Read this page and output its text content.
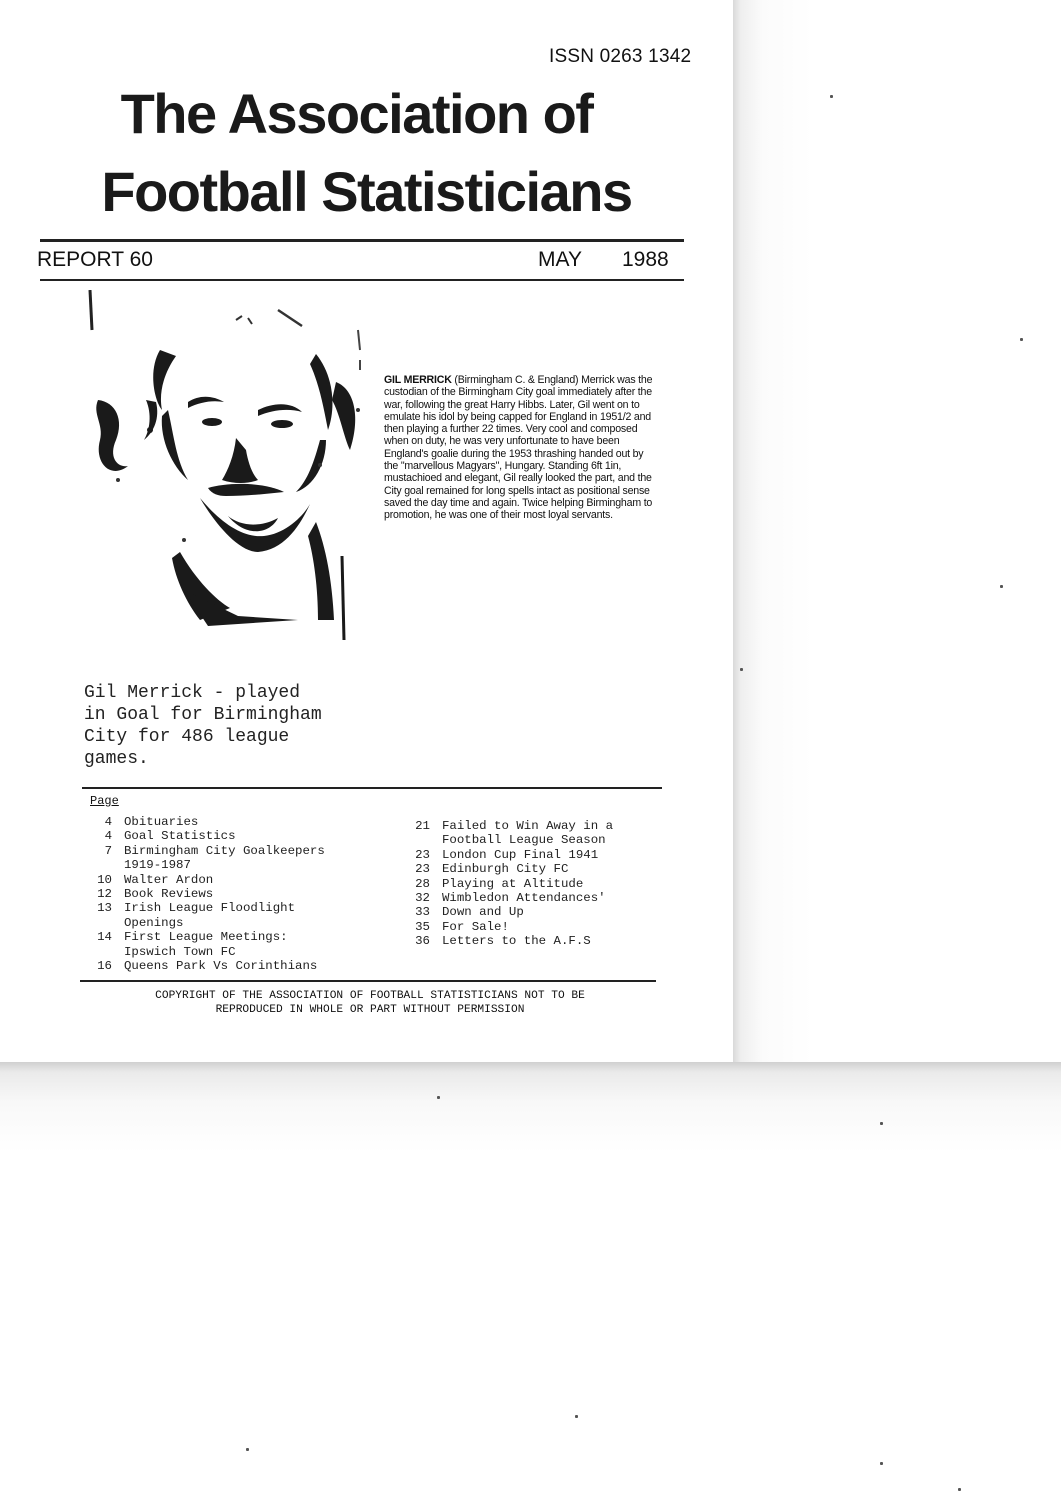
ISSN 0263 1342
The Association of
Football Statisticians
REPORT 60	MAY 1988
GIL MERRICK (Birmingham C. & England) Merrick was the custodian of the Birmingham City goal immediately after the war, following the great Harry Hibbs. Later, Gil went on to emulate his idol by being capped for England in 1951/2 and then playing a further 22 times. Very cool and composed when on duty, he was very unfortunate to have been England's goalie during the 1953 thrashing handed out by the "marvellous Magyars", Hungary. Standing 6ft 1in, mustachioed and elegant, Gil really looked the part, and the City goal remained for long spells intact as positional sense saved the day time and again. Twice helping Birmingham to promotion, he was one of their most loyal servants.
Gil Merrick - played
in Goal for Birmingham
City for 486 league
games.
Page
4 Obituaries
4 Goal Statistics
7 Birmingham City Goalkeepers
1919-1987
10 Walter Ardon
12 Book Reviews
13 Irish League Floodlight
Openings
14 First League Meetings:
Ipswich Town FC
16 Queens Park Vs Corinthians
21 Failed to Win Away in a
Football League Season
23 London Cup Final 1941
23 Edinburgh City FC
28 Playing at Altitude
32 Wimbledon Attendances'
33 Down and Up
35 For Sale!
36 Letters to the A.F.S
COPYRIGHT OF THE ASSOCIATION OF FOOTBALL STATISTICIANS NOT TO BE
REPRODUCED IN WHOLE OR PART WITHOUT PERMISSION
